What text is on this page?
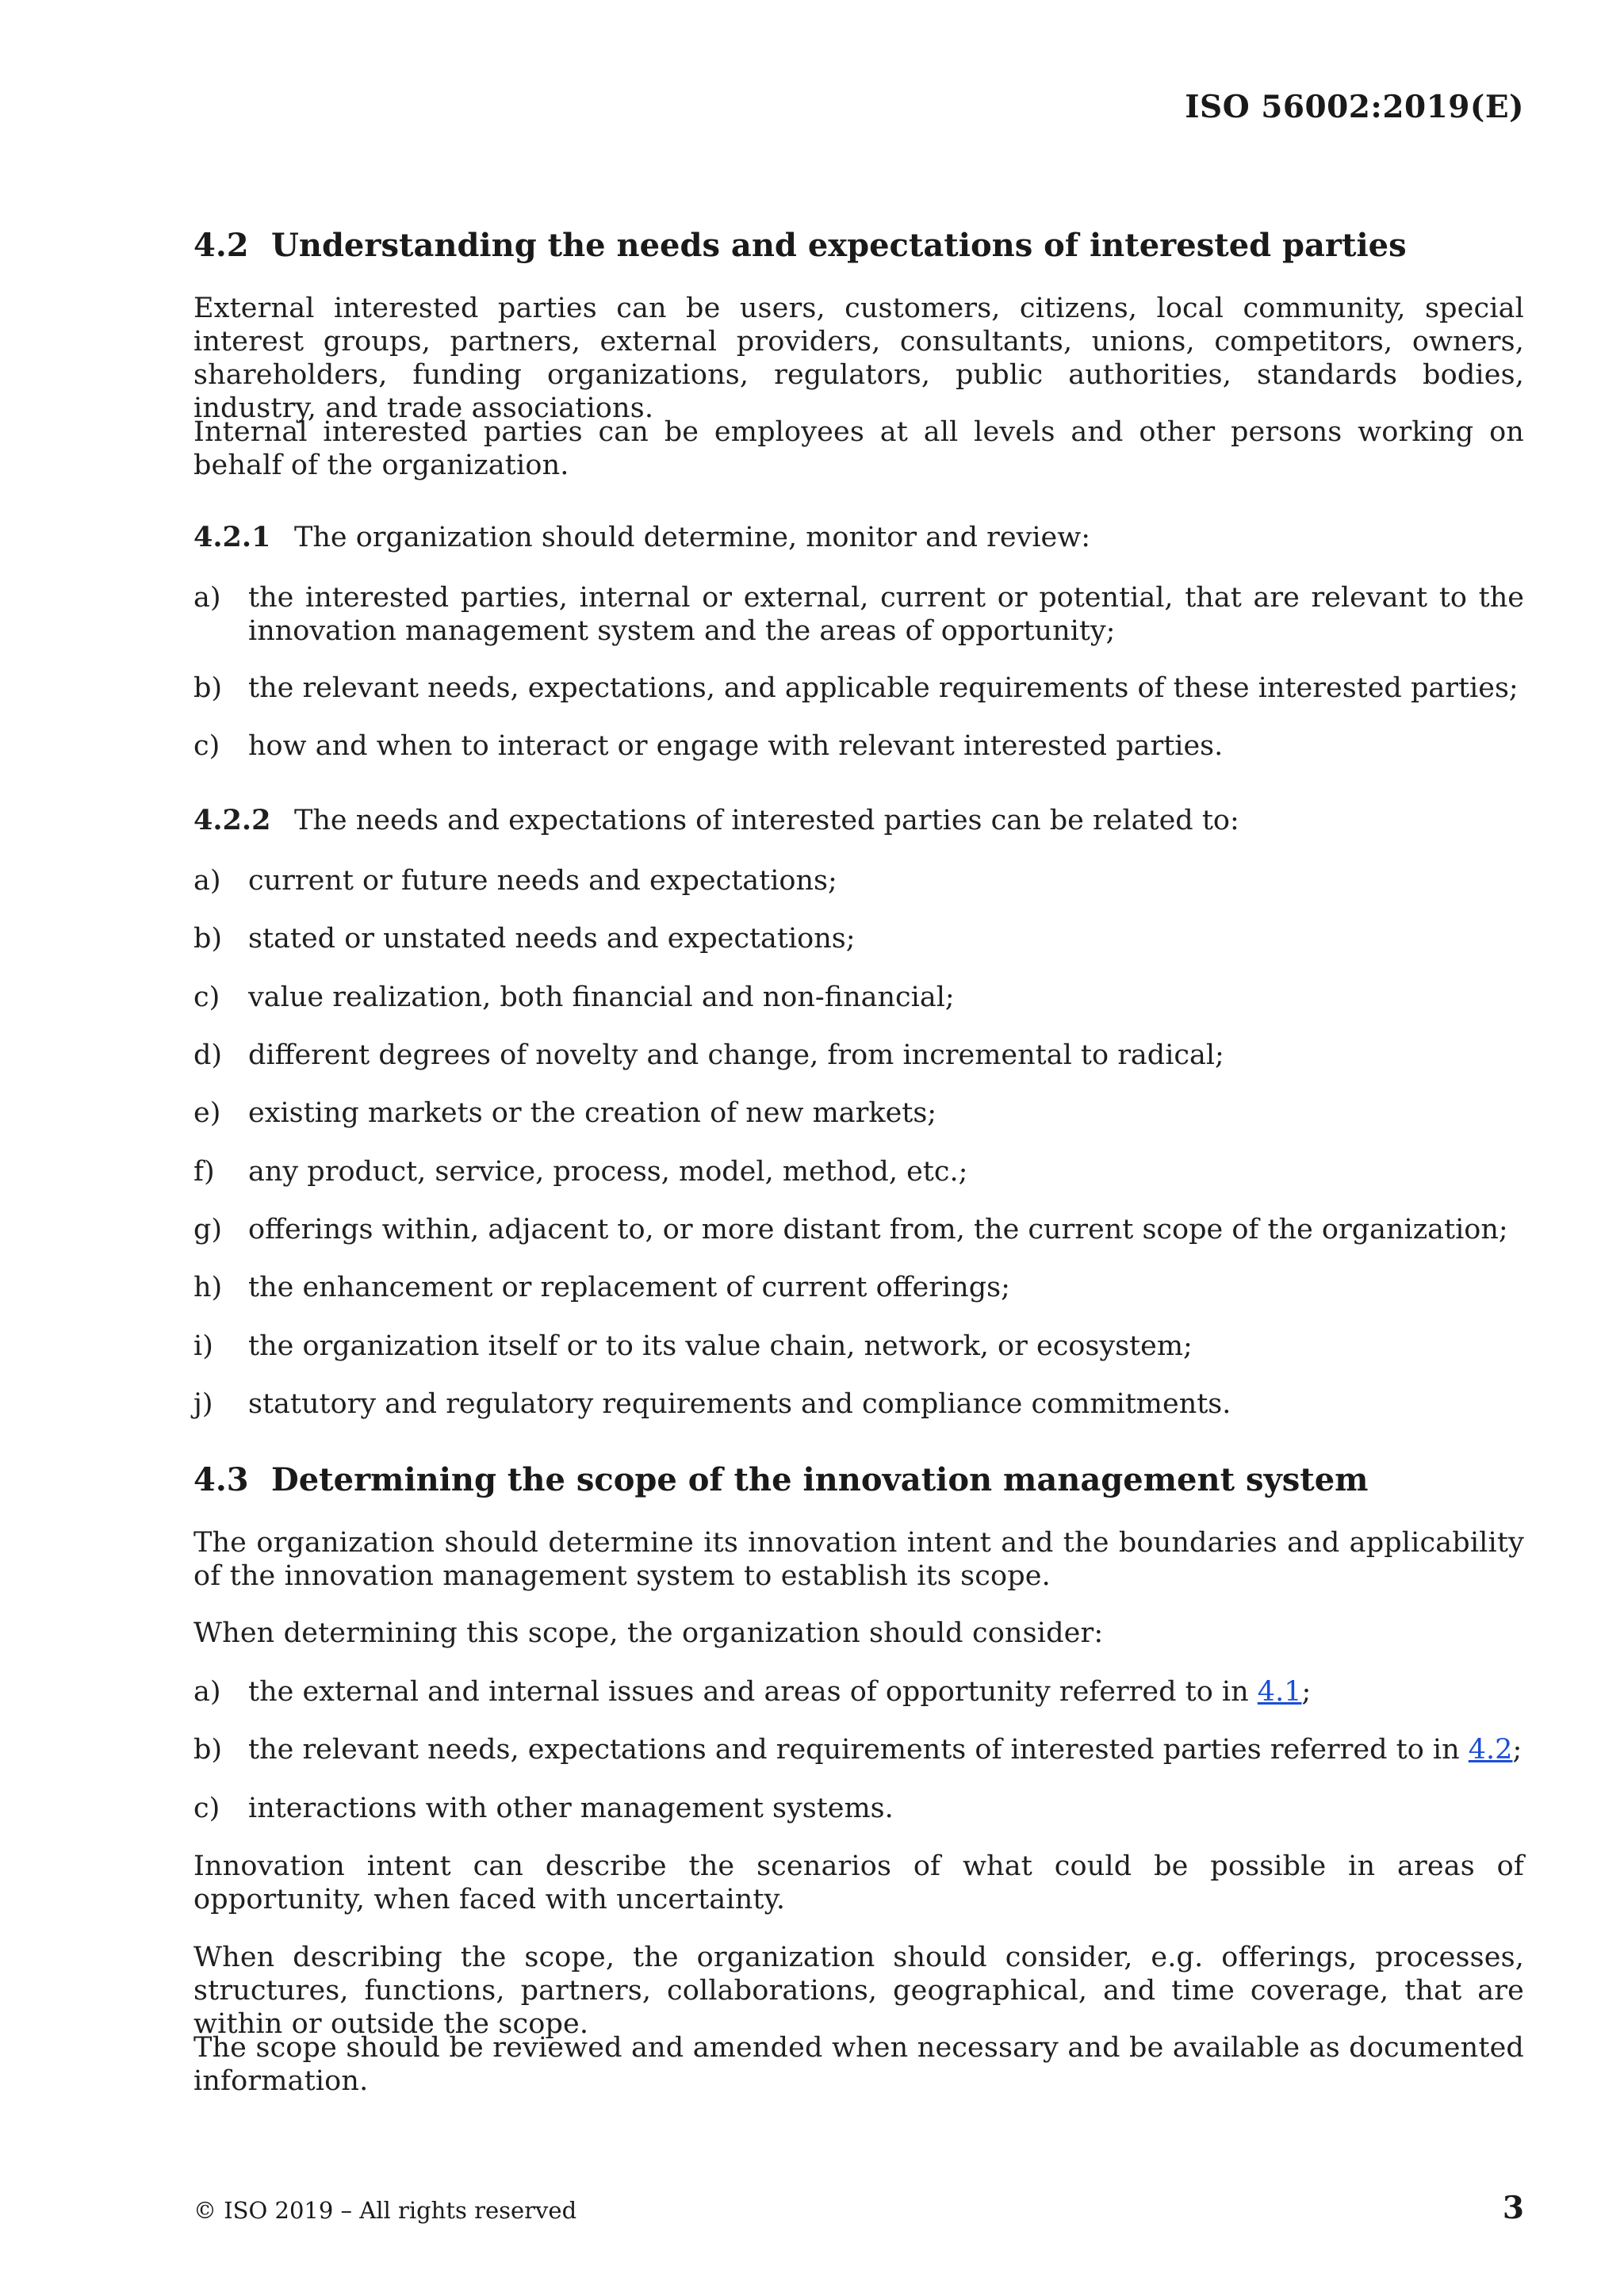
ISO 56002:2019(E)
4.2 Understanding the needs and expectations of interested parties
External interested parties can be users, customers, citizens, local community, special interest groups, partners, external providers, consultants, unions, competitors, owners, shareholders, funding organizations, regulators, public authorities, standards bodies, industry, and trade associations.
Internal interested parties can be employees at all levels and other persons working on behalf of the organization.
4.2.1 The organization should determine, monitor and review:
a) the interested parties, internal or external, current or potential, that are relevant to the innovation management system and the areas of opportunity;
b) the relevant needs, expectations, and applicable requirements of these interested parties;
c) how and when to interact or engage with relevant interested parties.
4.2.2 The needs and expectations of interested parties can be related to:
a) current or future needs and expectations;
b) stated or unstated needs and expectations;
c) value realization, both financial and non-financial;
d) different degrees of novelty and change, from incremental to radical;
e) existing markets or the creation of new markets;
f) any product, service, process, model, method, etc.;
g) offerings within, adjacent to, or more distant from, the current scope of the organization;
h) the enhancement or replacement of current offerings;
i) the organization itself or to its value chain, network, or ecosystem;
j) statutory and regulatory requirements and compliance commitments.
4.3 Determining the scope of the innovation management system
The organization should determine its innovation intent and the boundaries and applicability of the innovation management system to establish its scope.
When determining this scope, the organization should consider:
a) the external and internal issues and areas of opportunity referred to in 4.1;
b) the relevant needs, expectations and requirements of interested parties referred to in 4.2;
c) interactions with other management systems.
Innovation intent can describe the scenarios of what could be possible in areas of opportunity, when faced with uncertainty.
When describing the scope, the organization should consider, e.g. offerings, processes, structures, functions, partners, collaborations, geographical, and time coverage, that are within or outside the scope.
The scope should be reviewed and amended when necessary and be available as documented information.
© ISO 2019 – All rights reserved	3
